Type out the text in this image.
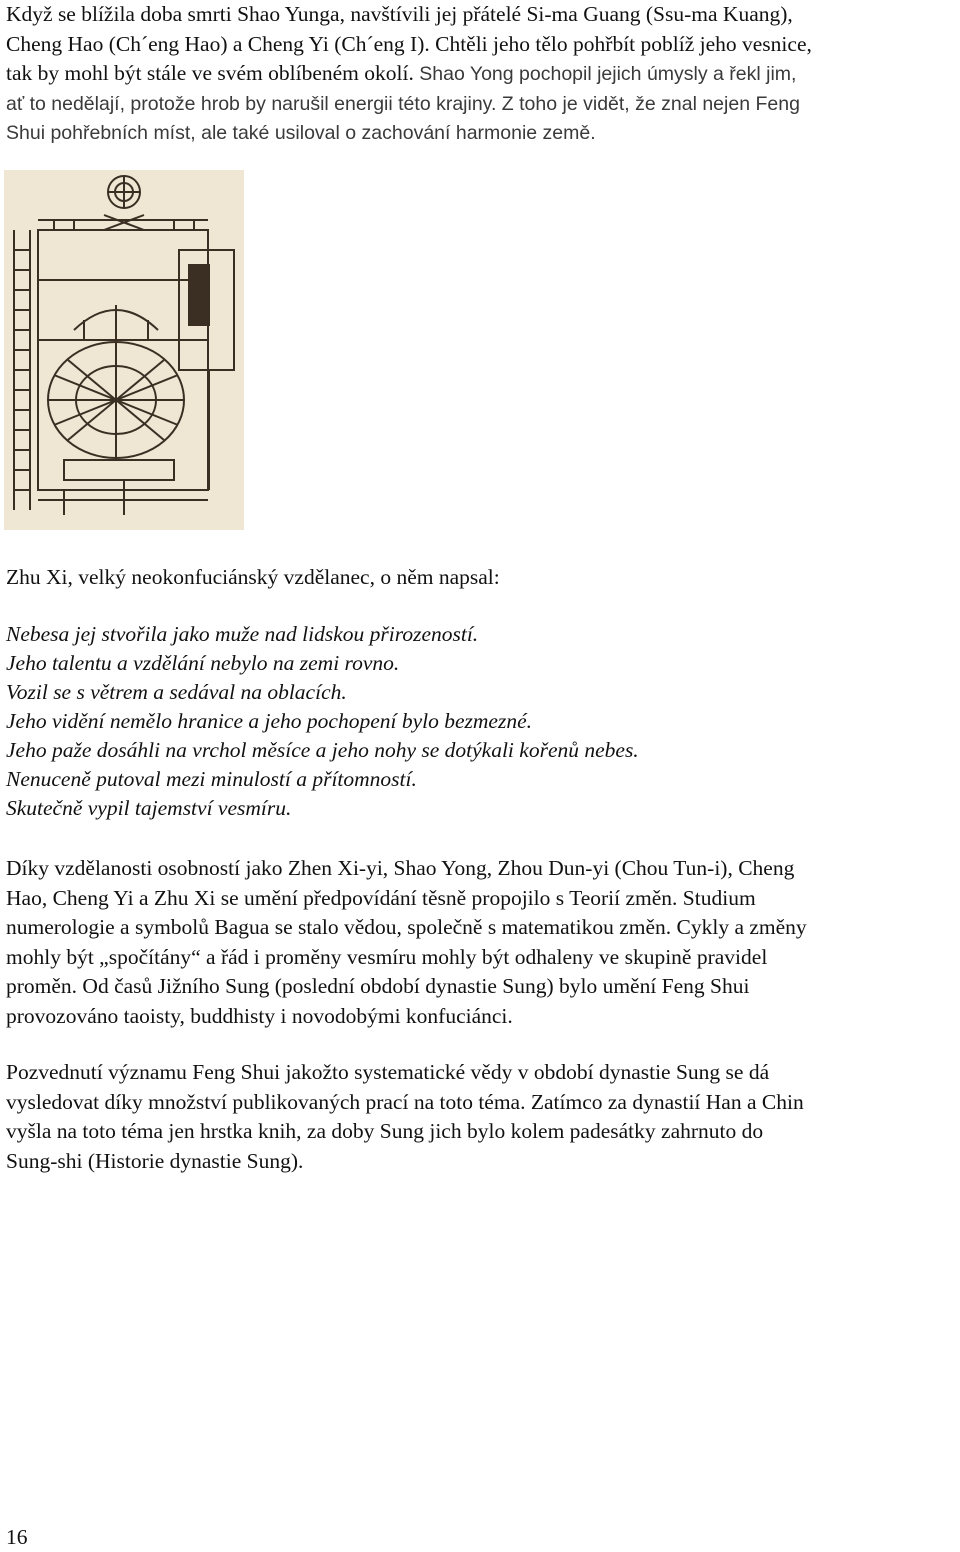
Když se blížila doba smrti Shao Yunga, navštívili jej přátelé Si-ma Guang (Ssu-ma Kuang),
Cheng Hao (Ch´eng Hao) a Cheng Yi (Ch´eng I). Chtěli jeho tělo pohřbít poblíž jeho vesnice,
tak by mohl být stále ve svém oblíbeném okolí. Shao Yong pochopil jejich úmysly a řekl jim,
ať to nedělají, protože hrob by narušil energii této krajiny. Z toho je vidět, že znal nejen Feng
Shui pohřebních míst, ale také usiloval o zachování harmonie země.

Zhu Xi, velký neokonfuciánský vzdělanec, o něm napsal:

Nebesa jej stvořila jako muže nad lidskou přirozeností.
Jeho talentu a vzdělání nebylo na zemi rovno.
Vozil se s větrem a sedával na oblacích.
Jeho vidění nemělo hranice a jeho pochopení bylo bezmezné.
Jeho paže dosáhli na vrchol měsíce a jeho nohy se dotýkali kořenů nebes.
Nenuceně putoval mezi minulostí a přítomností.
Skutečně vypil tajemství vesmíru.
Díky vzdělanosti osobností jako Zhen Xi-yi, Shao Yong, Zhou Dun-yi (Chou Tun-i), Cheng
Hao, Cheng Yi a Zhu Xi se umění předpovídání těsně propojilo s Teorií změn. Studium
numerologie a symbolů Bagua se stalo vědou, společně s matematikou změn. Cykly a změny
mohly být „spočítány“ a řád i proměny vesmíru mohly být odhaleny ve skupině pravidel
proměn. Od časů Jižního Sung (poslední období dynastie Sung) bylo umění Feng Shui
provozováno taoisty, buddhisty i novodobými konfuciánci.
Pozvednutí významu Feng Shui jakožto systematické vědy v období dynastie Sung se dá
vysledovat díky množství publikovaných prací na toto téma. Zatímco za dynastií Han a Chin
vyšla na toto téma jen hrstka knih, za doby Sung jich bylo kolem padesátky zahrnuto do
Sung-shi (Historie dynastie Sung).
16
